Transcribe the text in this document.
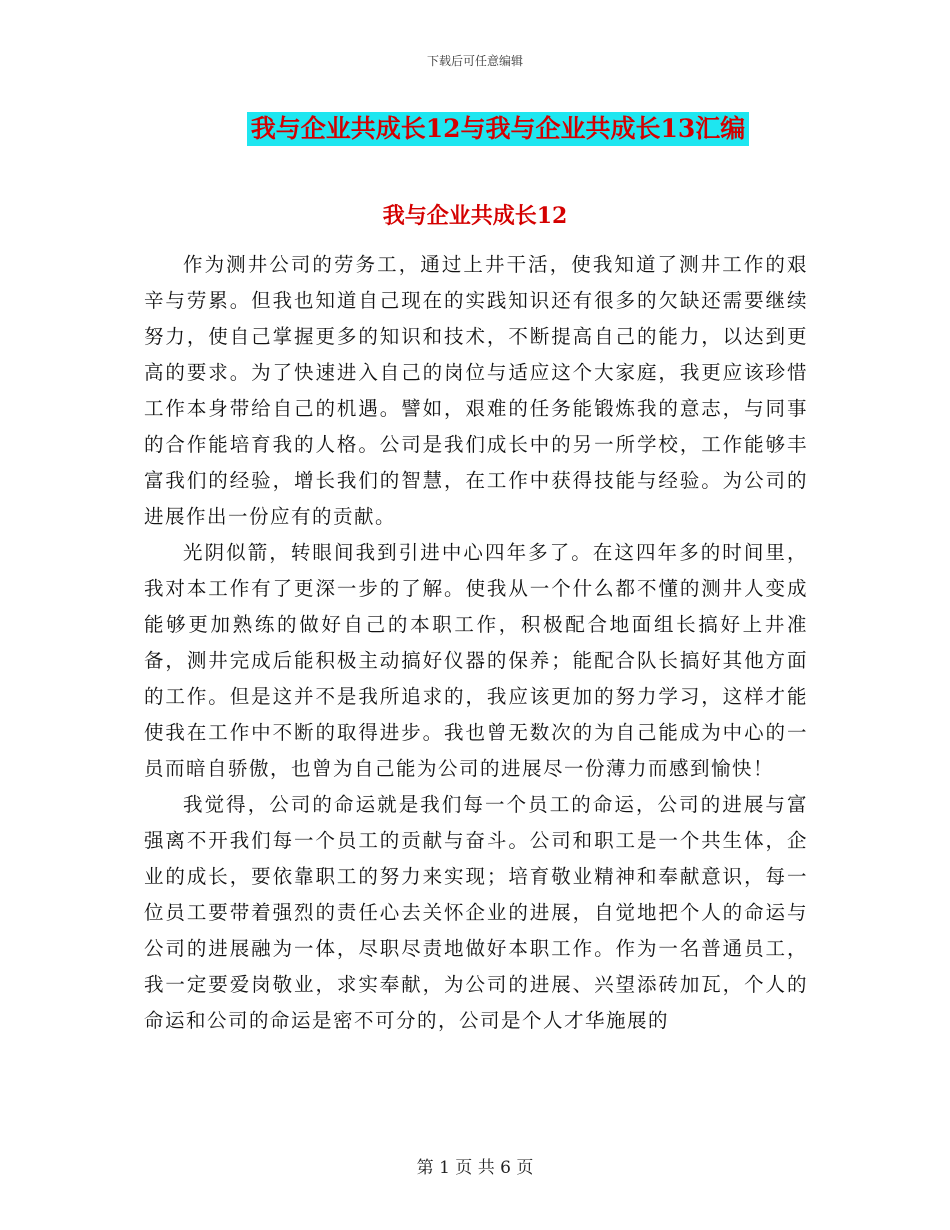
下载后可任意编辑
我与企业共成长12与我与企业共成长13汇编
我与企业共成长12

作为测井公司的劳务工，通过上井干活，使我知道了测井工作的艰辛与劳累。但我也知道自己现在的实践知识还有很多的欠缺还需要继续努力，使自己掌握更多的知识和技术，不断提高自己的能力，以达到更高的要求。为了快速进入自己的岗位与适应这个大家庭，我更应该珍惜工作本身带给自己的机遇。譬如，艰难的任务能锻炼我的意志，与同事的合作能培育我的人格。公司是我们成长中的另一所学校，工作能够丰富我们的经验，增长我们的智慧，在工作中获得技能与经验。为公司的进展作出一份应有的贡献。

光阴似箭，转眼间我到引进中心四年多了。在这四年多的时间里，我对本工作有了更深一步的了解。使我从一个什么都不懂的测井人变成能够更加熟练的做好自己的本职工作，积极配合地面组长搞好上井准备，测井完成后能积极主动搞好仪器的保养；能配合队长搞好其他方面的工作。但是这并不是我所追求的，我应该更加的努力学习，这样才能使我在工作中不断的取得进步。我也曾无数次的为自己能成为中心的一员而暗自骄傲，也曾为自己能为公司的进展尽一份薄力而感到愉快！

我觉得，公司的命运就是我们每一个员工的命运，公司的进展与富强离不开我们每一个员工的贡献与奋斗。公司和职工是一个共生体，企业的成长，要依靠职工的努力来实现；培育敬业精神和奉献意识，每一位员工要带着强烈的责任心去关怀企业的进展，自觉地把个人的命运与公司的进展融为一体，尽职尽责地做好本职工作。作为一名普通员工，我一定要爱岗敬业，求实奉献，为公司的进展、兴望添砖加瓦，个人的命运和公司的命运是密不可分的，公司是个人才华施展的

第 1 页 共 6 页
